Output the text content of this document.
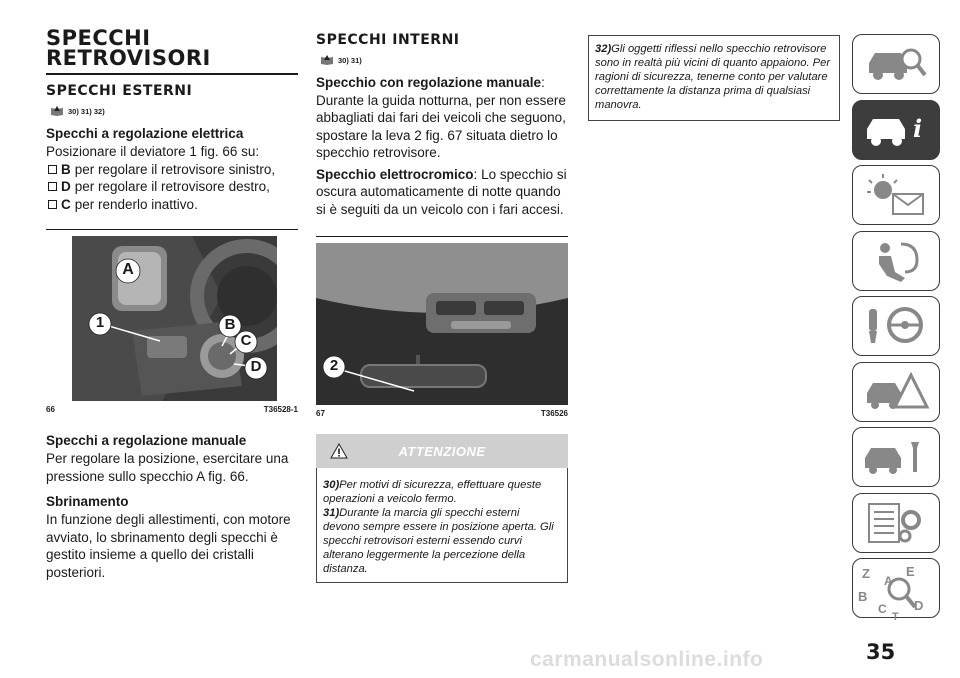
SPECCHI
RETROVISORI
SPECCHI ESTERNI
30) 31) 32)
Specchi a regolazione elettrica

Posizionare il deviatore 1 fig. 66 su:

B per regolare il retrovisore sinistro,
D per regolare il retrovisore destro,
C per renderlo inattivo.
A
1	B
C
D
66	T36528-1
Specchi a regolazione manuale

Per regolare la posizione, esercitare una pressione sullo specchio A fig. 66.

Sbrinamento

In funzione degli allestimenti, con motore avviato, lo sbrinamento degli specchi è gestito insieme a quello dei cristalli posteriori.

SPECCHI INTERNI
30) 31)

Specchio con regolazione manuale: Durante la guida notturna, per non essere abbagliati dai fari dei veicoli che seguono, spostare la leva 2 fig. 67 situata dietro lo specchio retrovisore.

Specchio elettrocromico: Lo specchio si oscura automaticamente di notte quando si è seguiti da un veicolo con i fari accesi.

2
67	T36526
ATTENZIONE
30)Per motivi di sicurezza, effettuare queste operazioni a veicolo fermo.
31)Durante la marcia gli specchi esterni devono sempre essere in posizione aperta. Gli specchi retrovisori esterni essendo curvi alterano leggermente la percezione della distanza.
32)Gli oggetti riflessi nello specchio retrovisore sono in realtà più vicini di quanto appaiono. Per ragioni di sicurezza, tenerne conto per valutare correttamente la distanza prima di qualsiasi manovra.
i
Z	E
A
B
C D
T
35
carmanualsonline.info
